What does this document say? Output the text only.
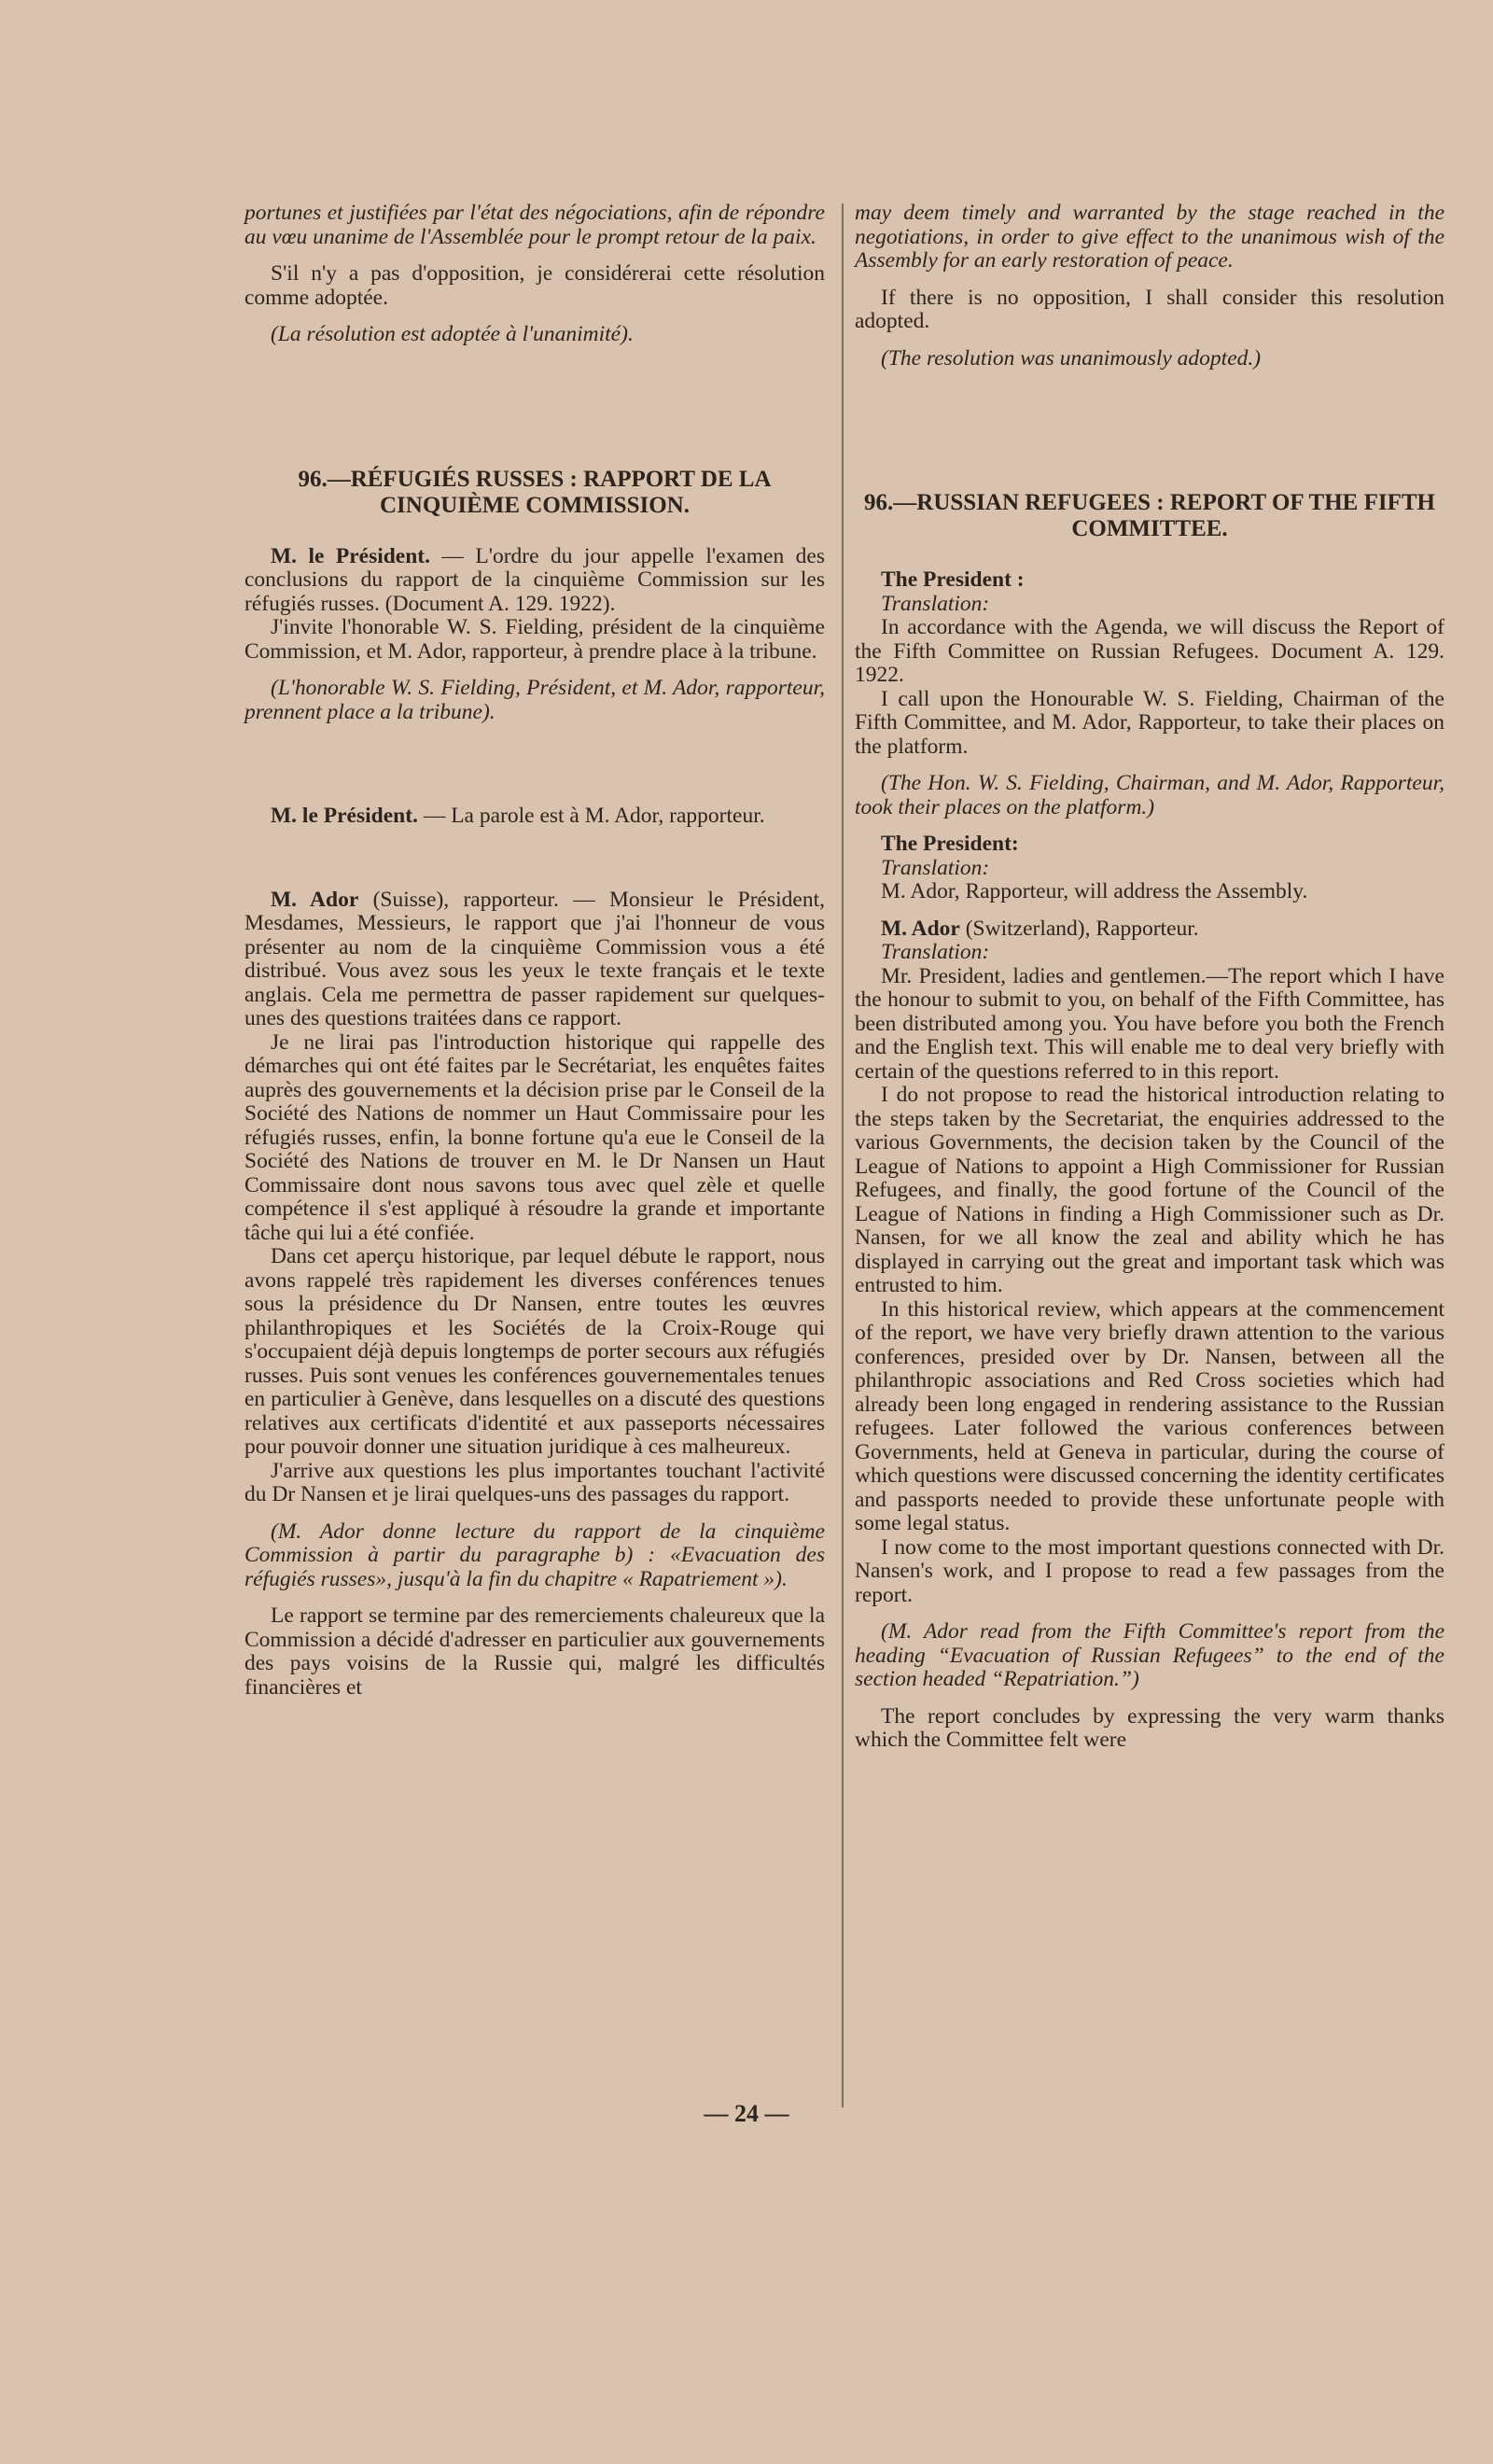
portunes et justifiées par l'état des négociations, afin de répondre au vœu unanime de l'Assemblée pour le prompt retour de la paix.

S'il n'y a pas d'opposition, je considérerai cette résolution comme adoptée.

(La résolution est adoptée à l'unanimité).

96.—RÉFUGIÉS RUSSES : RAPPORT DE LA CINQUIÈME COMMISSION.

M. le Président. — L'ordre du jour appelle l'examen des conclusions du rapport de la cinquième Commission sur les réfugiés russes. (Document A. 129. 1922).

J'invite l'honorable W. S. Fielding, président de la cinquième Commission, et M. Ador, rapporteur, à prendre place à la tribune.

(L'honorable W. S. Fielding, Président, et M. Ador, rapporteur, prennent place a la tribune).

M. le Président. — La parole est à M. Ador, rapporteur.

M. Ador (Suisse), rapporteur. — Monsieur le Président, Mesdames, Messieurs, le rapport que j'ai l'honneur de vous présenter au nom de la cinquième Commission vous a été distribué. Vous avez sous les yeux le texte français et le texte anglais. Cela me permettra de passer rapidement sur quelques-unes des questions traitées dans ce rapport.

Je ne lirai pas l'introduction historique qui rappelle des démarches qui ont été faites par le Secrétariat, les enquêtes faites auprès des gouvernements et la décision prise par le Conseil de la Société des Nations de nommer un Haut Commissaire pour les réfugiés russes, enfin, la bonne fortune qu'a eue le Conseil de la Société des Nations de trouver en M. le Dr Nansen un Haut Commissaire dont nous savons tous avec quel zèle et quelle compétence il s'est appliqué à résoudre la grande et importante tâche qui lui a été confiée.

Dans cet aperçu historique, par lequel débute le rapport, nous avons rappelé très rapidement les diverses conférences tenues sous la présidence du Dr Nansen, entre toutes les œuvres philanthropiques et les Sociétés de la Croix-Rouge qui s'occupaient déjà depuis longtemps de porter secours aux réfugiés russes. Puis sont venues les conférences gouvernementales tenues en particulier à Genève, dans lesquelles on a discuté des questions relatives aux certificats d'identité et aux passeports nécessaires pour pouvoir donner une situation juridique à ces malheureux.

J'arrive aux questions les plus importantes touchant l'activité du Dr Nansen et je lirai quelques-uns des passages du rapport.

(M. Ador donne lecture du rapport de la cinquième Commission à partir du paragraphe b) : «Evacuation des réfugiés russes», jusqu'à la fin du chapitre « Rapatriement »).

Le rapport se termine par des remerciements chaleureux que la Commission a décidé d'adresser en particulier aux gouvernements des pays voisins de la Russie qui, malgré les difficultés financières et

may deem timely and warranted by the stage reached in the negotiations, in order to give effect to the unanimous wish of the Assembly for an early restoration of peace.

If there is no opposition, I shall consider this resolution adopted.

(The resolution was unanimously adopted.)

96.—RUSSIAN REFUGEES : REPORT OF THE FIFTH COMMITTEE.

The President :

Translation:

In accordance with the Agenda, we will discuss the Report of the Fifth Committee on Russian Refugees. Document A. 129. 1922.

I call upon the Honourable W. S. Fielding, Chairman of the Fifth Committee, and M. Ador, Rapporteur, to take their places on the platform.

(The Hon. W. S. Fielding, Chairman, and M. Ador, Rapporteur, took their places on the platform.)

The President:

Translation:

M. Ador, Rapporteur, will address the Assembly.

M. Ador (Switzerland), Rapporteur.

Translation:

Mr. President, ladies and gentlemen.—The report which I have the honour to submit to you, on behalf of the Fifth Committee, has been distributed among you. You have before you both the French and the English text. This will enable me to deal very briefly with certain of the questions referred to in this report.

I do not propose to read the historical introduction relating to the steps taken by the Secretariat, the enquiries addressed to the various Governments, the decision taken by the Council of the League of Nations to appoint a High Commissioner for Russian Refugees, and finally, the good fortune of the Council of the League of Nations in finding a High Commissioner such as Dr. Nansen, for we all know the zeal and ability which he has displayed in carrying out the great and important task which was entrusted to him.

In this historical review, which appears at the commencement of the report, we have very briefly drawn attention to the various conferences, presided over by Dr. Nansen, between all the philanthropic associations and Red Cross societies which had already been long engaged in rendering assistance to the Russian refugees. Later followed the various conferences between Governments, held at Geneva in particular, during the course of which questions were discussed concerning the identity certificates and passports needed to provide these unfortunate people with some legal status.

I now come to the most important questions connected with Dr. Nansen's work, and I propose to read a few passages from the report.

(M. Ador read from the Fifth Committee's report from the heading “Evacuation of Russian Refugees” to the end of the section headed “Repatriation.”)

The report concludes by expressing the very warm thanks which the Committee felt were

— 24 —
